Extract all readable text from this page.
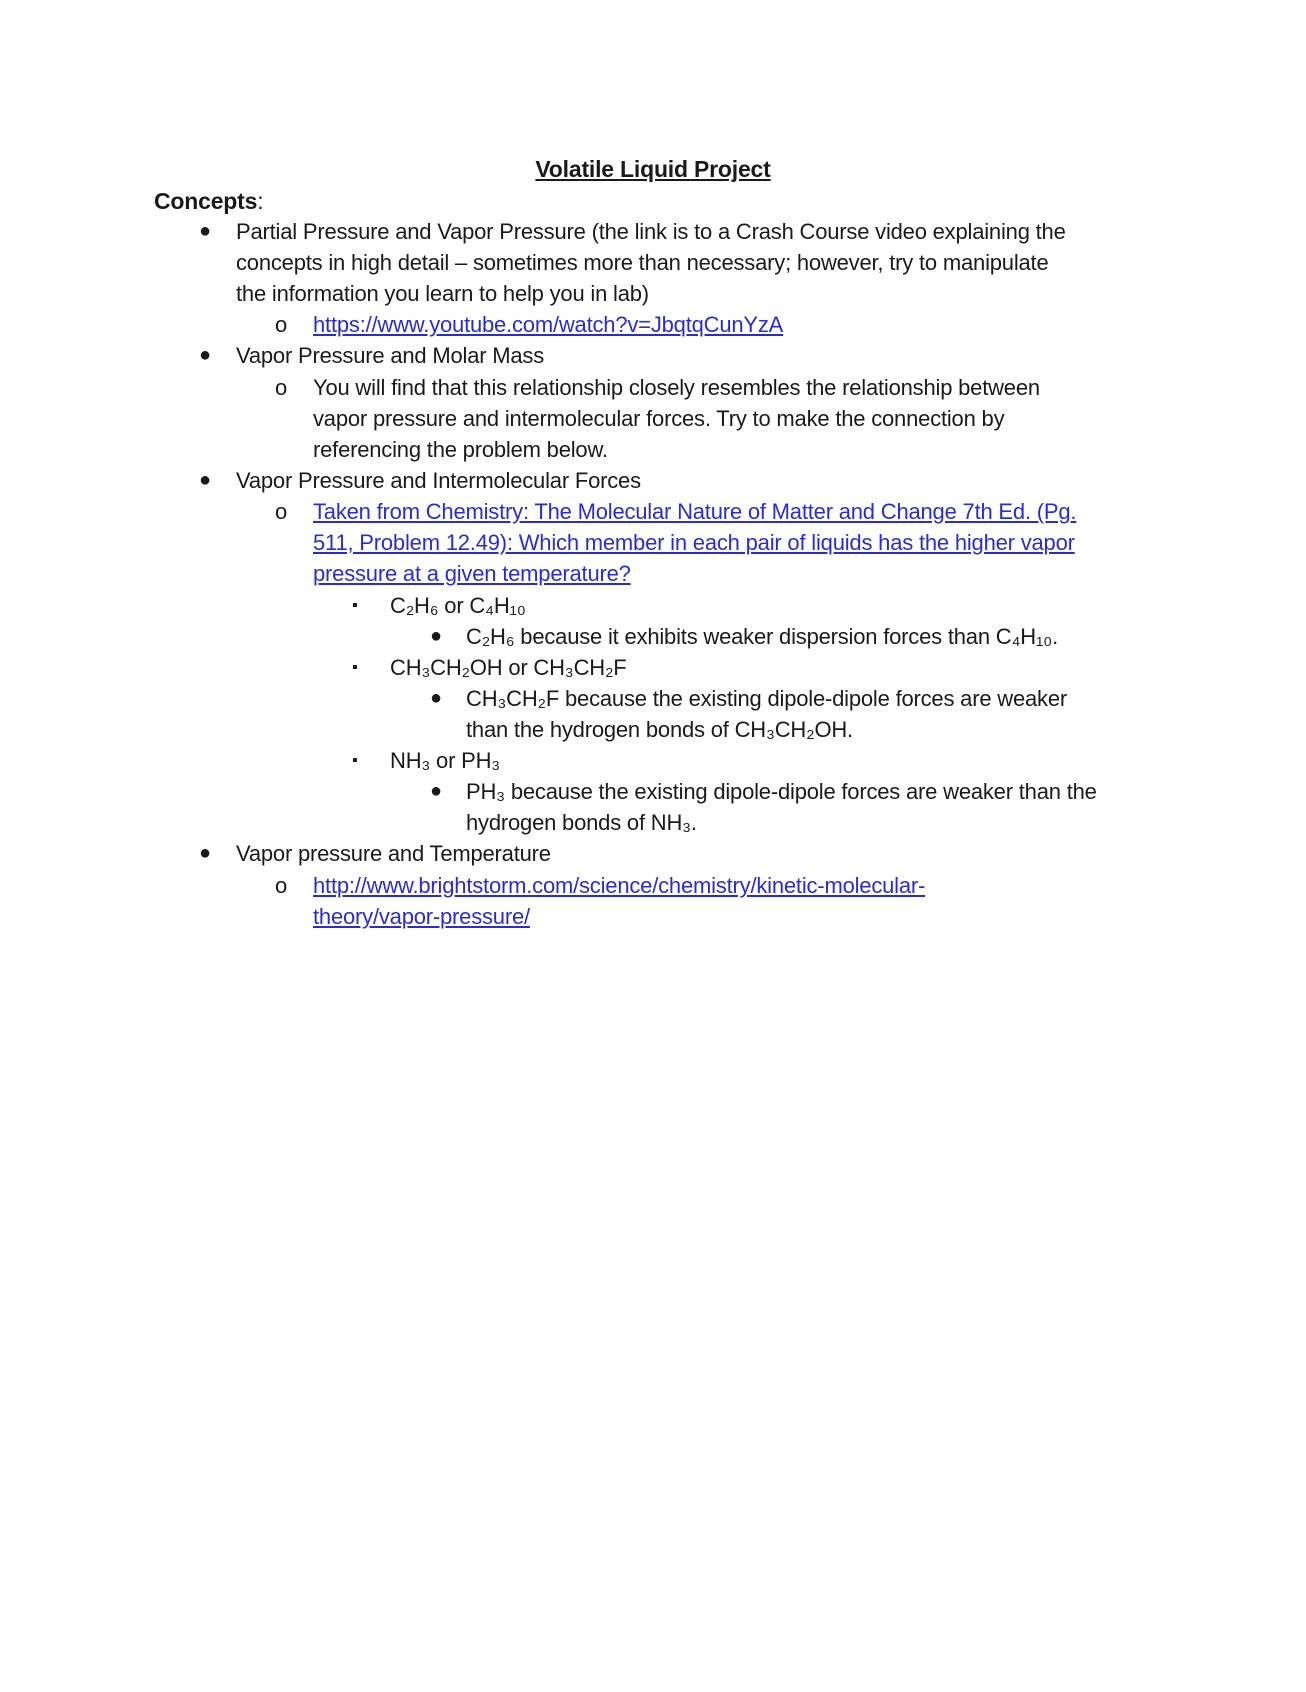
Volatile Liquid Project
Concepts:
● Partial Pressure and Vapor Pressure (the link is to a Crash Course video explaining the
concepts in high detail – sometimes more than necessary; however, try to manipulate
the information you learn to help you in lab)
o https://www.youtube.com/watch?v=JbqtqCunYzA
● Vapor Pressure and Molar Mass
o You will find that this relationship closely resembles the relationship between
vapor pressure and intermolecular forces. Try to make the connection by
referencing the problem below.
● Vapor Pressure and Intermolecular Forces
o Taken from Chemistry: The Molecular Nature of Matter and Change 7th Ed. (Pg.
511, Problem 12.49): Which member in each pair of liquids has the higher vapor
pressure at a given temperature?
▪ C₂H₆ or C₄H₁₀
● C₂H₆ because it exhibits weaker dispersion forces than C₄H₁₀.
▪ CH₃CH₂OH or CH₃CH₂F
● CH₃CH₂F because the existing dipole-dipole forces are weaker
than the hydrogen bonds of CH₃CH₂OH.
▪ NH₃ or PH₃
● PH₃ because the existing dipole-dipole forces are weaker than the
hydrogen bonds of NH₃.
● Vapor pressure and Temperature
o http://www.brightstorm.com/science/chemistry/kinetic-molecular-
theory/vapor-pressure/
